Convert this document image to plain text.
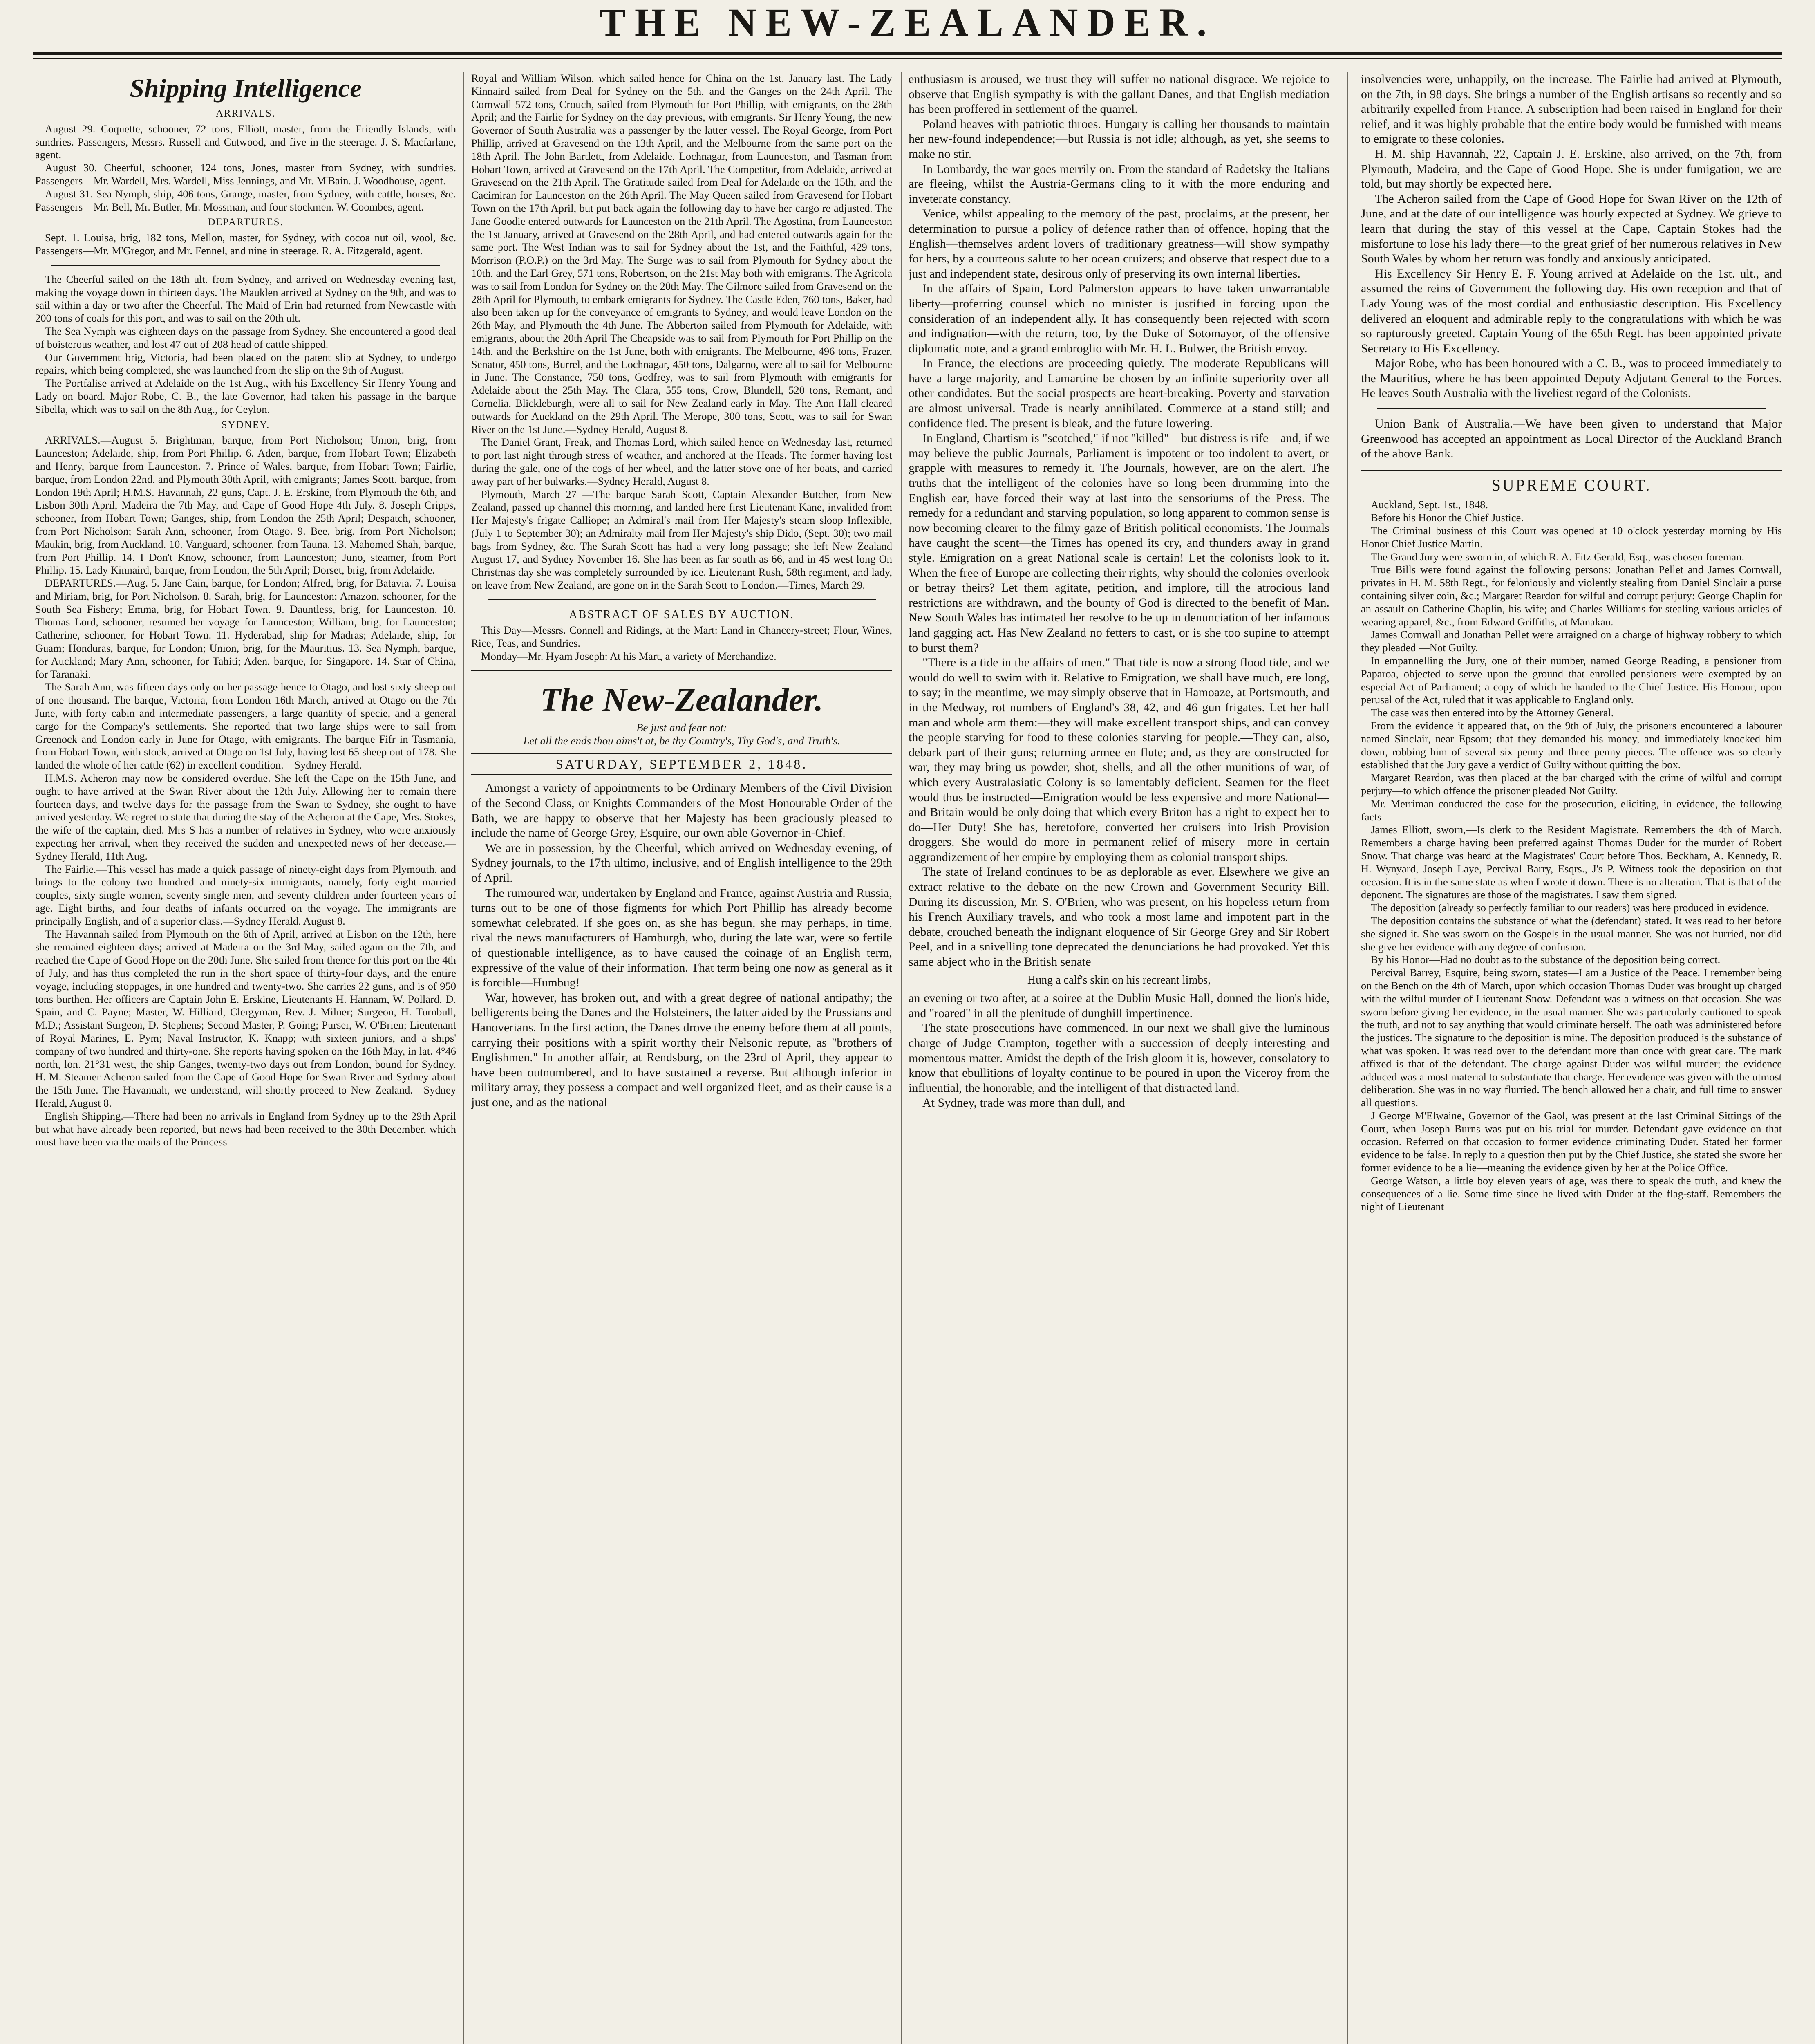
THE NEW-ZEALANDER.
Shipping Intelligence

ARRIVALS.

August 29. Coquette, schooner, 72 tons, Elliott, master, from the Friendly Islands, with sundries. Passengers, Messrs. Russell and Cutwood, and five in the steerage. J. S. Macfarlane, agent.

August 30. Cheerful, schooner, 124 tons, Jones, master from Sydney, with sundries. Passengers—Mr. Wardell, Mrs. Wardell, Miss Jennings, and Mr. M'Bain. J. Woodhouse, agent.

August 31. Sea Nymph, ship, 406 tons, Grange, master, from Sydney, with cattle, horses, &c. Passengers—Mr. Bell, Mr. Butler, Mr. Mossman, and four stockmen. W. Coombes, agent.

DEPARTURES.

Sept. 1. Louisa, brig, 182 tons, Mellon, master, for Sydney, with cocoa nut oil, wool, &c. Passengers—Mr. M'Gregor, and Mr. Fennel, and nine in steerage. R. A. Fitzgerald, agent.

The Cheerful sailed on the 18th ult. from Sydney, and arrived on Wednesday evening last, making the voyage down in thirteen days. The Mauklen arrived at Sydney on the 9th, and was to sail within a day or two after the Cheerful. The Maid of Erin had returned from Newcastle with 200 tons of coals for this port, and was to sail on the 20th ult.

The Sea Nymph was eighteen days on the passage from Sydney. She encountered a good deal of boisterous weather, and lost 47 out of 208 head of cattle shipped.

Our Government brig, Victoria, had been placed on the patent slip at Sydney, to undergo repairs, which being completed, she was launched from the slip on the 9th of August.

The Portfalise arrived at Adelaide on the 1st Aug., with his Excellency Sir Henry Young and Lady on board. Major Robe, C. B., the late Governor, had taken his passage in the barque Sibella, which was to sail on the 8th Aug., for Ceylon.

SYDNEY.

ARRIVALS.—August 5. Brightman, barque, from Port Nicholson; Union, brig, from Launceston; Adelaide, ship, from Port Phillip. 6. Aden, barque, from Hobart Town; Elizabeth and Henry, barque from Launceston. 7. Prince of Wales, barque, from Hobart Town; Fairlie, barque, from London 22nd, and Plymouth 30th April, with emigrants; James Scott, barque, from London 19th April; H.M.S. Havannah, 22 guns, Capt. J. E. Erskine, from Plymouth the 6th, and Lisbon 30th April, Madeira the 7th May, and Cape of Good Hope 4th July. 8. Joseph Cripps, schooner, from Hobart Town; Ganges, ship, from London the 25th April; Despatch, schooner, from Port Nicholson; Sarah Ann, schooner, from Otago. 9. Bee, brig, from Port Nicholson; Maukin, brig, from Auckland. 10. Vanguard, schooner, from Tauna. 13. Mahomed Shah, barque, from Port Phillip. 14. I Don't Know, schooner, from Launceston; Juno, steamer, from Port Phillip. 15. Lady Kinnaird, barque, from London, the 5th April; Dorset, brig, from Adelaide.

DEPARTURES.—Aug. 5. Jane Cain, barque, for London; Alfred, brig, for Batavia. 7. Louisa and Miriam, brig, for Port Nicholson. 8. Sarah, brig, for Launceston; Amazon, schooner, for the South Sea Fishery; Emma, brig, for Hobart Town. 9. Dauntless, brig, for Launceston. 10. Thomas Lord, schooner, resumed her voyage for Launceston; William, brig, for Launceston; Catherine, schooner, for Hobart Town. 11. Hyderabad, ship for Madras; Adelaide, ship, for Guam; Honduras, barque, for London; Union, brig, for the Mauritius. 13. Sea Nymph, barque, for Auckland; Mary Ann, schooner, for Tahiti; Aden, barque, for Singapore. 14. Star of China, for Taranaki.

The Sarah Ann, was fifteen days only on her passage hence to Otago, and lost sixty sheep out of one thousand. The barque, Victoria, from London 16th March, arrived at Otago on the 7th June, with forty cabin and intermediate passengers, a large quantity of specie, and a general cargo for the Company's settlements. She reported that two large ships were to sail from Greenock and London early in June for Otago, with emigrants. The barque Fifr in Tasmania, from Hobart Town, with stock, arrived at Otago on 1st July, having lost 65 sheep out of 178. She landed the whole of her cattle (62) in excellent condition.—Sydney Herald.

H.M.S. Acheron may now be considered overdue. She left the Cape on the 15th June, and ought to have arrived at the Swan River about the 12th July. Allowing her to remain there fourteen days, and twelve days for the passage from the Swan to Sydney, she ought to have arrived yesterday. We regret to state that during the stay of the Acheron at the Cape, Mrs. Stokes, the wife of the captain, died. Mrs S has a number of relatives in Sydney, who were anxiously expecting her arrival, when they received the sudden and unexpected news of her decease.—Sydney Herald, 11th Aug.

The Fairlie.—This vessel has made a quick passage of ninety-eight days from Plymouth, and brings to the colony two hundred and ninety-six immigrants, namely, forty eight married couples, sixty single women, seventy single men, and seventy children under fourteen years of age. Eight births, and four deaths of infants occurred on the voyage. The immigrants are principally English, and of a superior class.—Sydney Herald, August 8.

The Havannah sailed from Plymouth on the 6th of April, arrived at Lisbon on the 12th, here she remained eighteen days; arrived at Madeira on the 3rd May, sailed again on the 7th, and reached the Cape of Good Hope on the 20th June. She sailed from thence for this port on the 4th of July, and has thus completed the run in the short space of thirty-four days, and the entire voyage, including stoppages, in one hundred and twenty-two. She carries 22 guns, and is of 950 tons burthen. Her officers are Captain John E. Erskine, Lieutenants H. Hannam, W. Pollard, D. Spain, and C. Payne; Master, W. Hilliard, Clergyman, Rev. J. Milner; Surgeon, H. Turnbull, M.D.; Assistant Surgeon, D. Stephens; Second Master, P. Going; Purser, W. O'Brien; Lieutenant of Royal Marines, E. Pym; Naval Instructor, K. Knapp; with sixteen juniors, and a ships' company of two hundred and thirty-one. She reports having spoken on the 16th May, in lat. 4°46 north, lon. 21°31 west, the ship Ganges, twenty-two days out from London, bound for Sydney. H. M. Steamer Acheron sailed from the Cape of Good Hope for Swan River and Sydney about the 15th June. The Havannah, we understand, will shortly proceed to New Zealand.—Sydney Herald, August 8.

English Shipping.—There had been no arrivals in England from Sydney up to the 29th April but what have already been reported, but news had been received to the 30th December, which must have been via the mails of the Princess

Royal and William Wilson, which sailed hence for China on the 1st. January last. The Lady Kinnaird sailed from Deal for Sydney on the 5th, and the Ganges on the 24th April. The Cornwall 572 tons, Crouch, sailed from Plymouth for Port Phillip, with emigrants, on the 28th April; and the Fairlie for Sydney on the day previous, with emigrants. Sir Henry Young, the new Governor of South Australia was a passenger by the latter vessel. The Royal George, from Port Phillip, arrived at Gravesend on the 13th April, and the Melbourne from the same port on the 18th April. The John Bartlett, from Adelaide, Lochnagar, from Launceston, and Tasman from Hobart Town, arrived at Gravesend on the 17th April. The Competitor, from Adelaide, arrived at Gravesend on the 21th April. The Gratitude sailed from Deal for Adelaide on the 15th, and the Cacimiran for Launceston on the 26th April. The May Queen sailed from Gravesend for Hobart Town on the 17th April, but put back again the following day to have her cargo re adjusted. The Jane Goodie entered outwards for Launceston on the 21th April. The Agostina, from Launceston the 1st January, arrived at Gravesend on the 28th April, and had entered outwards again for the same port. The West Indian was to sail for Sydney about the 1st, and the Faithful, 429 tons, Morrison (P.O.P.) on the 3rd May. The Surge was to sail from Plymouth for Sydney about the 10th, and the Earl Grey, 571 tons, Robertson, on the 21st May both with emigrants. The Agricola was to sail from London for Sydney on the 20th May. The Gilmore sailed from Gravesend on the 28th April for Plymouth, to embark emigrants for Sydney. The Castle Eden, 760 tons, Baker, had also been taken up for the conveyance of emigrants to Sydney, and would leave London on the 26th May, and Plymouth the 4th June. The Abberton sailed from Plymouth for Adelaide, with emigrants, about the 20th April The Cheapside was to sail from Plymouth for Port Phillip on the 14th, and the Berkshire on the 1st June, both with emigrants. The Melbourne, 496 tons, Frazer, Senator, 450 tons, Burrel, and the Lochnagar, 450 tons, Dalgarno, were all to sail for Melbourne in June. The Constance, 750 tons, Godfrey, was to sail from Plymouth with emigrants for Adelaide about the 25th May. The Clara, 555 tons, Crow, Blundell, 520 tons, Remant, and Cornelia, Blickleburgh, were all to sail for New Zealand early in May. The Ann Hall cleared outwards for Auckland on the 29th April. The Merope, 300 tons, Scott, was to sail for Swan River on the 1st June.—Sydney Herald, August 8.

The Daniel Grant, Freak, and Thomas Lord, which sailed hence on Wednesday last, returned to port last night through stress of weather, and anchored at the Heads. The former having lost during the gale, one of the cogs of her wheel, and the latter stove one of her boats, and carried away part of her bulwarks.—Sydney Herald, August 8.

Plymouth, March 27 —The barque Sarah Scott, Captain Alexander Butcher, from New Zealand, passed up channel this morning, and landed here first Lieutenant Kane, invalided from Her Majesty's frigate Calliope; an Admiral's mail from Her Majesty's steam sloop Inflexible, (July 1 to September 30); an Admiralty mail from Her Majesty's ship Dido, (Sept. 30); two mail bags from Sydney, &c. The Sarah Scott has had a very long passage; she left New Zealand August 17, and Sydney November 16. She has been as far south as 66, and in 45 west long On Christmas day she was completely surrounded by ice. Lieutenant Rush, 58th regiment, and lady, on leave from New Zealand, are gone on in the Sarah Scott to London.—Times, March 29.

ABSTRACT OF SALES BY AUCTION.

This Day—Messrs. Connell and Ridings, at the Mart: Land in Chancery-street; Flour, Wines, Rice, Teas, and Sundries.

Monday—Mr. Hyam Joseph: At his Mart, a variety of Merchandize.

The New-Zealander.

Be just and fear not:

Let all the ends thou aims't at, be thy Country's, Thy God's, and Truth's.

SATURDAY, SEPTEMBER 2, 1848.

Amongst a variety of appointments to be Ordinary Members of the Civil Division of the Second Class, or Knights Commanders of the Most Honourable Order of the Bath, we are happy to observe that her Majesty has been graciously pleased to include the name of George Grey, Esquire, our own able Governor-in-Chief.

We are in possession, by the Cheerful, which arrived on Wednesday evening, of Sydney journals, to the 17th ultimo, inclusive, and of English intelligence to the 29th of April.

The rumoured war, undertaken by England and France, against Austria and Russia, turns out to be one of those figments for which Port Phillip has already become somewhat celebrated. If she goes on, as she has begun, she may perhaps, in time, rival the news manufacturers of Hamburgh, who, during the late war, were so fertile of questionable intelligence, as to have caused the coinage of an English term, expressive of the value of their information. That term being one now as general as it is forcible—Humbug!

War, however, has broken out, and with a great degree of national antipathy; the belligerents being the Danes and the Holsteiners, the latter aided by the Prussians and Hanoverians. In the first action, the Danes drove the enemy before them at all points, carrying their positions with a spirit worthy their Nelsonic repute, as "brothers of Englishmen." In another affair, at Rendsburg, on the 23rd of April, they appear to have been outnumbered, and to have sustained a reverse. But although inferior in military array, they possess a compact and well organized fleet, and as their cause is a just one, and as the national

enthusiasm is aroused, we trust they will suffer no national disgrace. We rejoice to observe that English sympathy is with the gallant Danes, and that English mediation has been proffered in settlement of the quarrel.

Poland heaves with patriotic throes. Hungary is calling her thousands to maintain her new-found independence;—but Russia is not idle; although, as yet, she seems to make no stir.

In Lombardy, the war goes merrily on. From the standard of Radetsky the Italians are fleeing, whilst the Austria-Germans cling to it with the more enduring and inveterate constancy.

Venice, whilst appealing to the memory of the past, proclaims, at the present, her determination to pursue a policy of defence rather than of offence, hoping that the English—themselves ardent lovers of traditionary greatness—will show sympathy for hers, by a courteous salute to her ocean cruizers; and observe that respect due to a just and independent state, desirous only of preserving its own internal liberties.

In the affairs of Spain, Lord Palmerston appears to have taken unwarrantable liberty—proferring counsel which no minister is justified in forcing upon the consideration of an independent ally. It has consequently been rejected with scorn and indignation—with the return, too, by the Duke of Sotomayor, of the offensive diplomatic note, and a grand embroglio with Mr. H. L. Bulwer, the British envoy.

In France, the elections are proceeding quietly. The moderate Republicans will have a large majority, and Lamartine be chosen by an infinite superiority over all other candidates. But the social prospects are heart-breaking. Poverty and starvation are almost universal. Trade is nearly annihilated. Commerce at a stand still; and confidence fled. The present is bleak, and the future lowering.

In England, Chartism is "scotched," if not "killed"—but distress is rife—and, if we may believe the public Journals, Parliament is impotent or too indolent to avert, or grapple with measures to remedy it. The Journals, however, are on the alert. The truths that the intelligent of the colonies have so long been drumming into the English ear, have forced their way at last into the sensoriums of the Press. The remedy for a redundant and starving population, so long apparent to common sense is now becoming clearer to the filmy gaze of British political economists. The Journals have caught the scent—the Times has opened its cry, and thunders away in grand style. Emigration on a great National scale is certain! Let the colonists look to it. When the free of Europe are collecting their rights, why should the colonies overlook or betray theirs? Let them agitate, petition, and implore, till the atrocious land restrictions are withdrawn, and the bounty of God is directed to the benefit of Man. New South Wales has intimated her resolve to be up in denunciation of her infamous land gagging act. Has New Zealand no fetters to cast, or is she too supine to attempt to burst them?

"There is a tide in the affairs of men." That tide is now a strong flood tide, and we would do well to swim with it. Relative to Emigration, we shall have much, ere long, to say; in the meantime, we may simply observe that in Hamoaze, at Portsmouth, and in the Medway, rot numbers of England's 38, 42, and 46 gun frigates. Let her half man and whole arm them:—they will make excellent transport ships, and can convey the people starving for food to these colonies starving for people.—They can, also, debark part of their guns; returning armee en flute; and, as they are constructed for war, they may bring us powder, shot, shells, and all the other munitions of war, of which every Australasiatic Colony is so lamentably deficient. Seamen for the fleet would thus be instructed—Emigration would be less expensive and more National—and Britain would be only doing that which every Briton has a right to expect her to do—Her Duty! She has, heretofore, converted her cruisers into Irish Provision droggers. She would do more in permanent relief of misery—more in certain aggrandizement of her empire by employing them as colonial transport ships.

The state of Ireland continues to be as deplorable as ever. Elsewhere we give an extract relative to the debate on the new Crown and Government Security Bill. During its discussion, Mr. S. O'Brien, who was present, on his hopeless return from his French Auxiliary travels, and who took a most lame and impotent part in the debate, crouched beneath the indignant eloquence of Sir George Grey and Sir Robert Peel, and in a snivelling tone deprecated the denunciations he had provoked. Yet this same abject who in the British senate

Hung a calf's skin on his recreant limbs,

an evening or two after, at a soiree at the Dublin Music Hall, donned the lion's hide, and "roared" in all the plenitude of dunghill impertinence.

The state prosecutions have commenced. In our next we shall give the luminous charge of Judge Crampton, together with a succession of deeply interesting and momentous matter. Amidst the depth of the Irish gloom it is, however, consolatory to know that ebullitions of loyalty continue to be poured in upon the Viceroy from the influential, the honorable, and the intelligent of that distracted land.

At Sydney, trade was more than dull, and

insolvencies were, unhappily, on the increase. The Fairlie had arrived at Plymouth, on the 7th, in 98 days. She brings a number of the English artisans so recently and so arbitrarily expelled from France. A subscription had been raised in England for their relief, and it was highly probable that the entire body would be furnished with means to emigrate to these colonies.

H. M. ship Havannah, 22, Captain J. E. Erskine, also arrived, on the 7th, from Plymouth, Madeira, and the Cape of Good Hope. She is under fumigation, we are told, but may shortly be expected here.

The Acheron sailed from the Cape of Good Hope for Swan River on the 12th of June, and at the date of our intelligence was hourly expected at Sydney. We grieve to learn that during the stay of this vessel at the Cape, Captain Stokes had the misfortune to lose his lady there—to the great grief of her numerous relatives in New South Wales by whom her return was fondly and anxiously anticipated.

His Excellency Sir Henry E. F. Young arrived at Adelaide on the 1st. ult., and assumed the reins of Government the following day. His own reception and that of Lady Young was of the most cordial and enthusiastic description. His Excellency delivered an eloquent and admirable reply to the congratulations with which he was so rapturously greeted. Captain Young of the 65th Regt. has been appointed private Secretary to His Excellency.

Major Robe, who has been honoured with a C. B., was to proceed immediately to the Mauritius, where he has been appointed Deputy Adjutant General to the Forces. He leaves South Australia with the liveliest regard of the Colonists.

Union Bank of Australia.—We have been given to understand that Major Greenwood has accepted an appointment as Local Director of the Auckland Branch of the above Bank.

SUPREME COURT.

Auckland, Sept. 1st., 1848.

Before his Honor the Chief Justice.

The Criminal business of this Court was opened at 10 o'clock yesterday morning by His Honor Chief Justice Martin.

The Grand Jury were sworn in, of which R. A. Fitz Gerald, Esq., was chosen foreman.

True Bills were found against the following persons: Jonathan Pellet and James Cornwall, privates in H. M. 58th Regt., for feloniously and violently stealing from Daniel Sinclair a purse containing silver coin, &c.; Margaret Reardon for wilful and corrupt perjury: George Chaplin for an assault on Catherine Chaplin, his wife; and Charles Williams for stealing various articles of wearing apparel, &c., from Edward Griffiths, at Manakau.

James Cornwall and Jonathan Pellet were arraigned on a charge of highway robbery to which they pleaded —Not Guilty.

In empannelling the Jury, one of their number, named George Reading, a pensioner from Paparoa, objected to serve upon the ground that enrolled pensioners were exempted by an especial Act of Parliament; a copy of which he handed to the Chief Justice. His Honour, upon perusal of the Act, ruled that it was applicable to England only.

The case was then entered into by the Attorney General.

From the evidence it appeared that, on the 9th of July, the prisoners encountered a labourer named Sinclair, near Epsom; that they demanded his money, and immediately knocked him down, robbing him of several six penny and three penny pieces. The offence was so clearly established that the Jury gave a verdict of Guilty without quitting the box.

Margaret Reardon, was then placed at the bar charged with the crime of wilful and corrupt perjury—to which offence the prisoner pleaded Not Guilty.

Mr. Merriman conducted the case for the prosecution, eliciting, in evidence, the following facts—

James Elliott, sworn,—Is clerk to the Resident Magistrate. Remembers the 4th of March. Remembers a charge having been preferred against Thomas Duder for the murder of Robert Snow. That charge was heard at the Magistrates' Court before Thos. Beckham, A. Kennedy, R. H. Wynyard, Joseph Laye, Percival Barry, Esqrs., J's P. Witness took the deposition on that occasion. It is in the same state as when I wrote it down. There is no alteration. That is that of the deponent. The signatures are those of the magistrates. I saw them signed.

The deposition (already so perfectly familiar to our readers) was here produced in evidence.

The deposition contains the substance of what the (defendant) stated. It was read to her before she signed it. She was sworn on the Gospels in the usual manner. She was not hurried, nor did she give her evidence with any degree of confusion.

By his Honor—Had no doubt as to the substance of the deposition being correct.

Percival Barrey, Esquire, being sworn, states—I am a Justice of the Peace. I remember being on the Bench on the 4th of March, upon which occasion Thomas Duder was brought up charged with the wilful murder of Lieutenant Snow. Defendant was a witness on that occasion. She was sworn before giving her evidence, in the usual manner. She was particularly cautioned to speak the truth, and not to say anything that would criminate herself. The oath was administered before the justices. The signature to the deposition is mine. The deposition produced is the substance of what was spoken. It was read over to the defendant more than once with great care. The mark affixed is that of the defendant. The charge against Duder was wilful murder; the evidence adduced was a most material to substantiate that charge. Her evidence was given with the utmost deliberation. She was in no way flurried. The bench allowed her a chair, and full time to answer all questions.

J George M'Elwaine, Governor of the Gaol, was present at the last Criminal Sittings of the Court, when Joseph Burns was put on his trial for murder. Defendant gave evidence on that occasion. Referred on that occasion to former evidence criminating Duder. Stated her former evidence to be false. In reply to a question then put by the Chief Justice, she stated she swore her former evidence to be a lie—meaning the evidence given by her at the Police Office.

George Watson, a little boy eleven years of age, was there to speak the truth, and knew the consequences of a lie. Some time since he lived with Duder at the flag-staff. Remembers the night of Lieutenant
